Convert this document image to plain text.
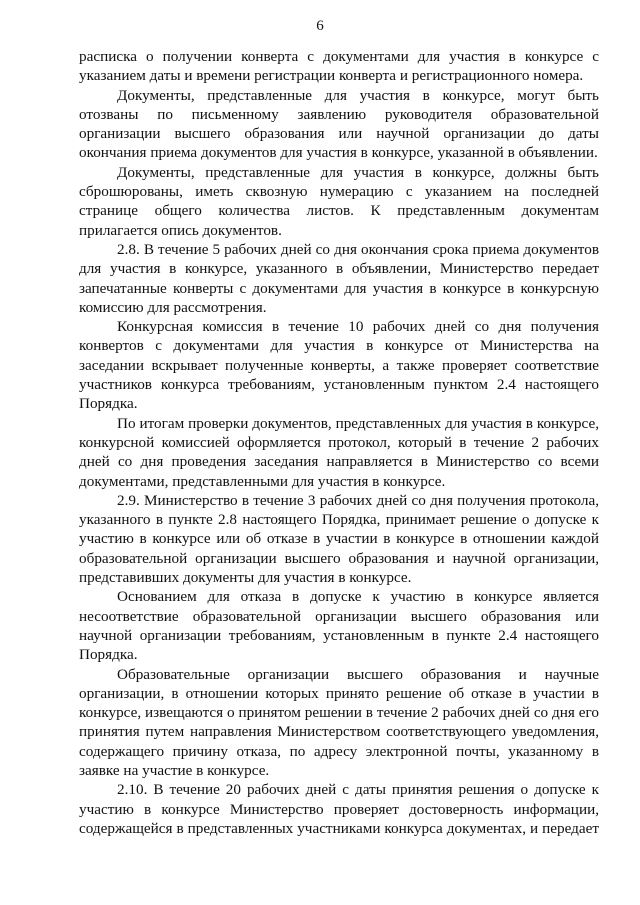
6

расписка о получении конверта с документами для участия в конкурсе с указанием даты и времени регистрации конверта и регистрационного номера.

Документы, представленные для участия в конкурсе, могут быть отозваны по письменному заявлению руководителя образовательной организации высшего образования или научной организации до даты окончания приема документов для участия в конкурсе, указанной в объявлении.

Документы, представленные для участия в конкурсе, должны быть сброшюрованы, иметь сквозную нумерацию с указанием на последней странице общего количества листов. К представленным документам прилагается опись документов.

2.8. В течение 5 рабочих дней со дня окончания срока приема документов для участия в конкурсе, указанного в объявлении, Министерство передает запечатанные конверты с документами для участия в конкурсе в конкурсную комиссию для рассмотрения.

Конкурсная комиссия в течение 10 рабочих дней со дня получения конвертов с документами для участия в конкурсе от Министерства на заседании вскрывает полученные конверты, а также проверяет соответствие участников конкурса требованиям, установленным пунктом 2.4 настоящего Порядка.

По итогам проверки документов, представленных для участия в конкурсе, конкурсной комиссией оформляется протокол, который в течение 2 рабочих дней со дня проведения заседания направляется в Министерство со всеми документами, представленными для участия в конкурсе.

2.9. Министерство в течение 3 рабочих дней со дня получения протокола, указанного в пункте 2.8 настоящего Порядка, принимает решение о допуске к участию в конкурсе или об отказе в участии в конкурсе в отношении каждой образовательной организации высшего образования и научной организации, представивших документы для участия в конкурсе.

Основанием для отказа в допуске к участию в конкурсе является несоответствие образовательной организации высшего образования или научной организации требованиям, установленным в пункте 2.4 настоящего Порядка.

Образовательные организации высшего образования и научные организации, в отношении которых принято решение об отказе в участии в конкурсе, извещаются о принятом решении в течение 2 рабочих дней со дня его принятия путем направления Министерством соответствующего уведомления, содержащего причину отказа, по адресу электронной почты, указанному в заявке на участие в конкурсе.

2.10. В течение 20 рабочих дней с даты принятия решения о допуске к участию в конкурсе Министерство проверяет достоверность информации, содержащейся в представленных участниками конкурса документах, и передает
